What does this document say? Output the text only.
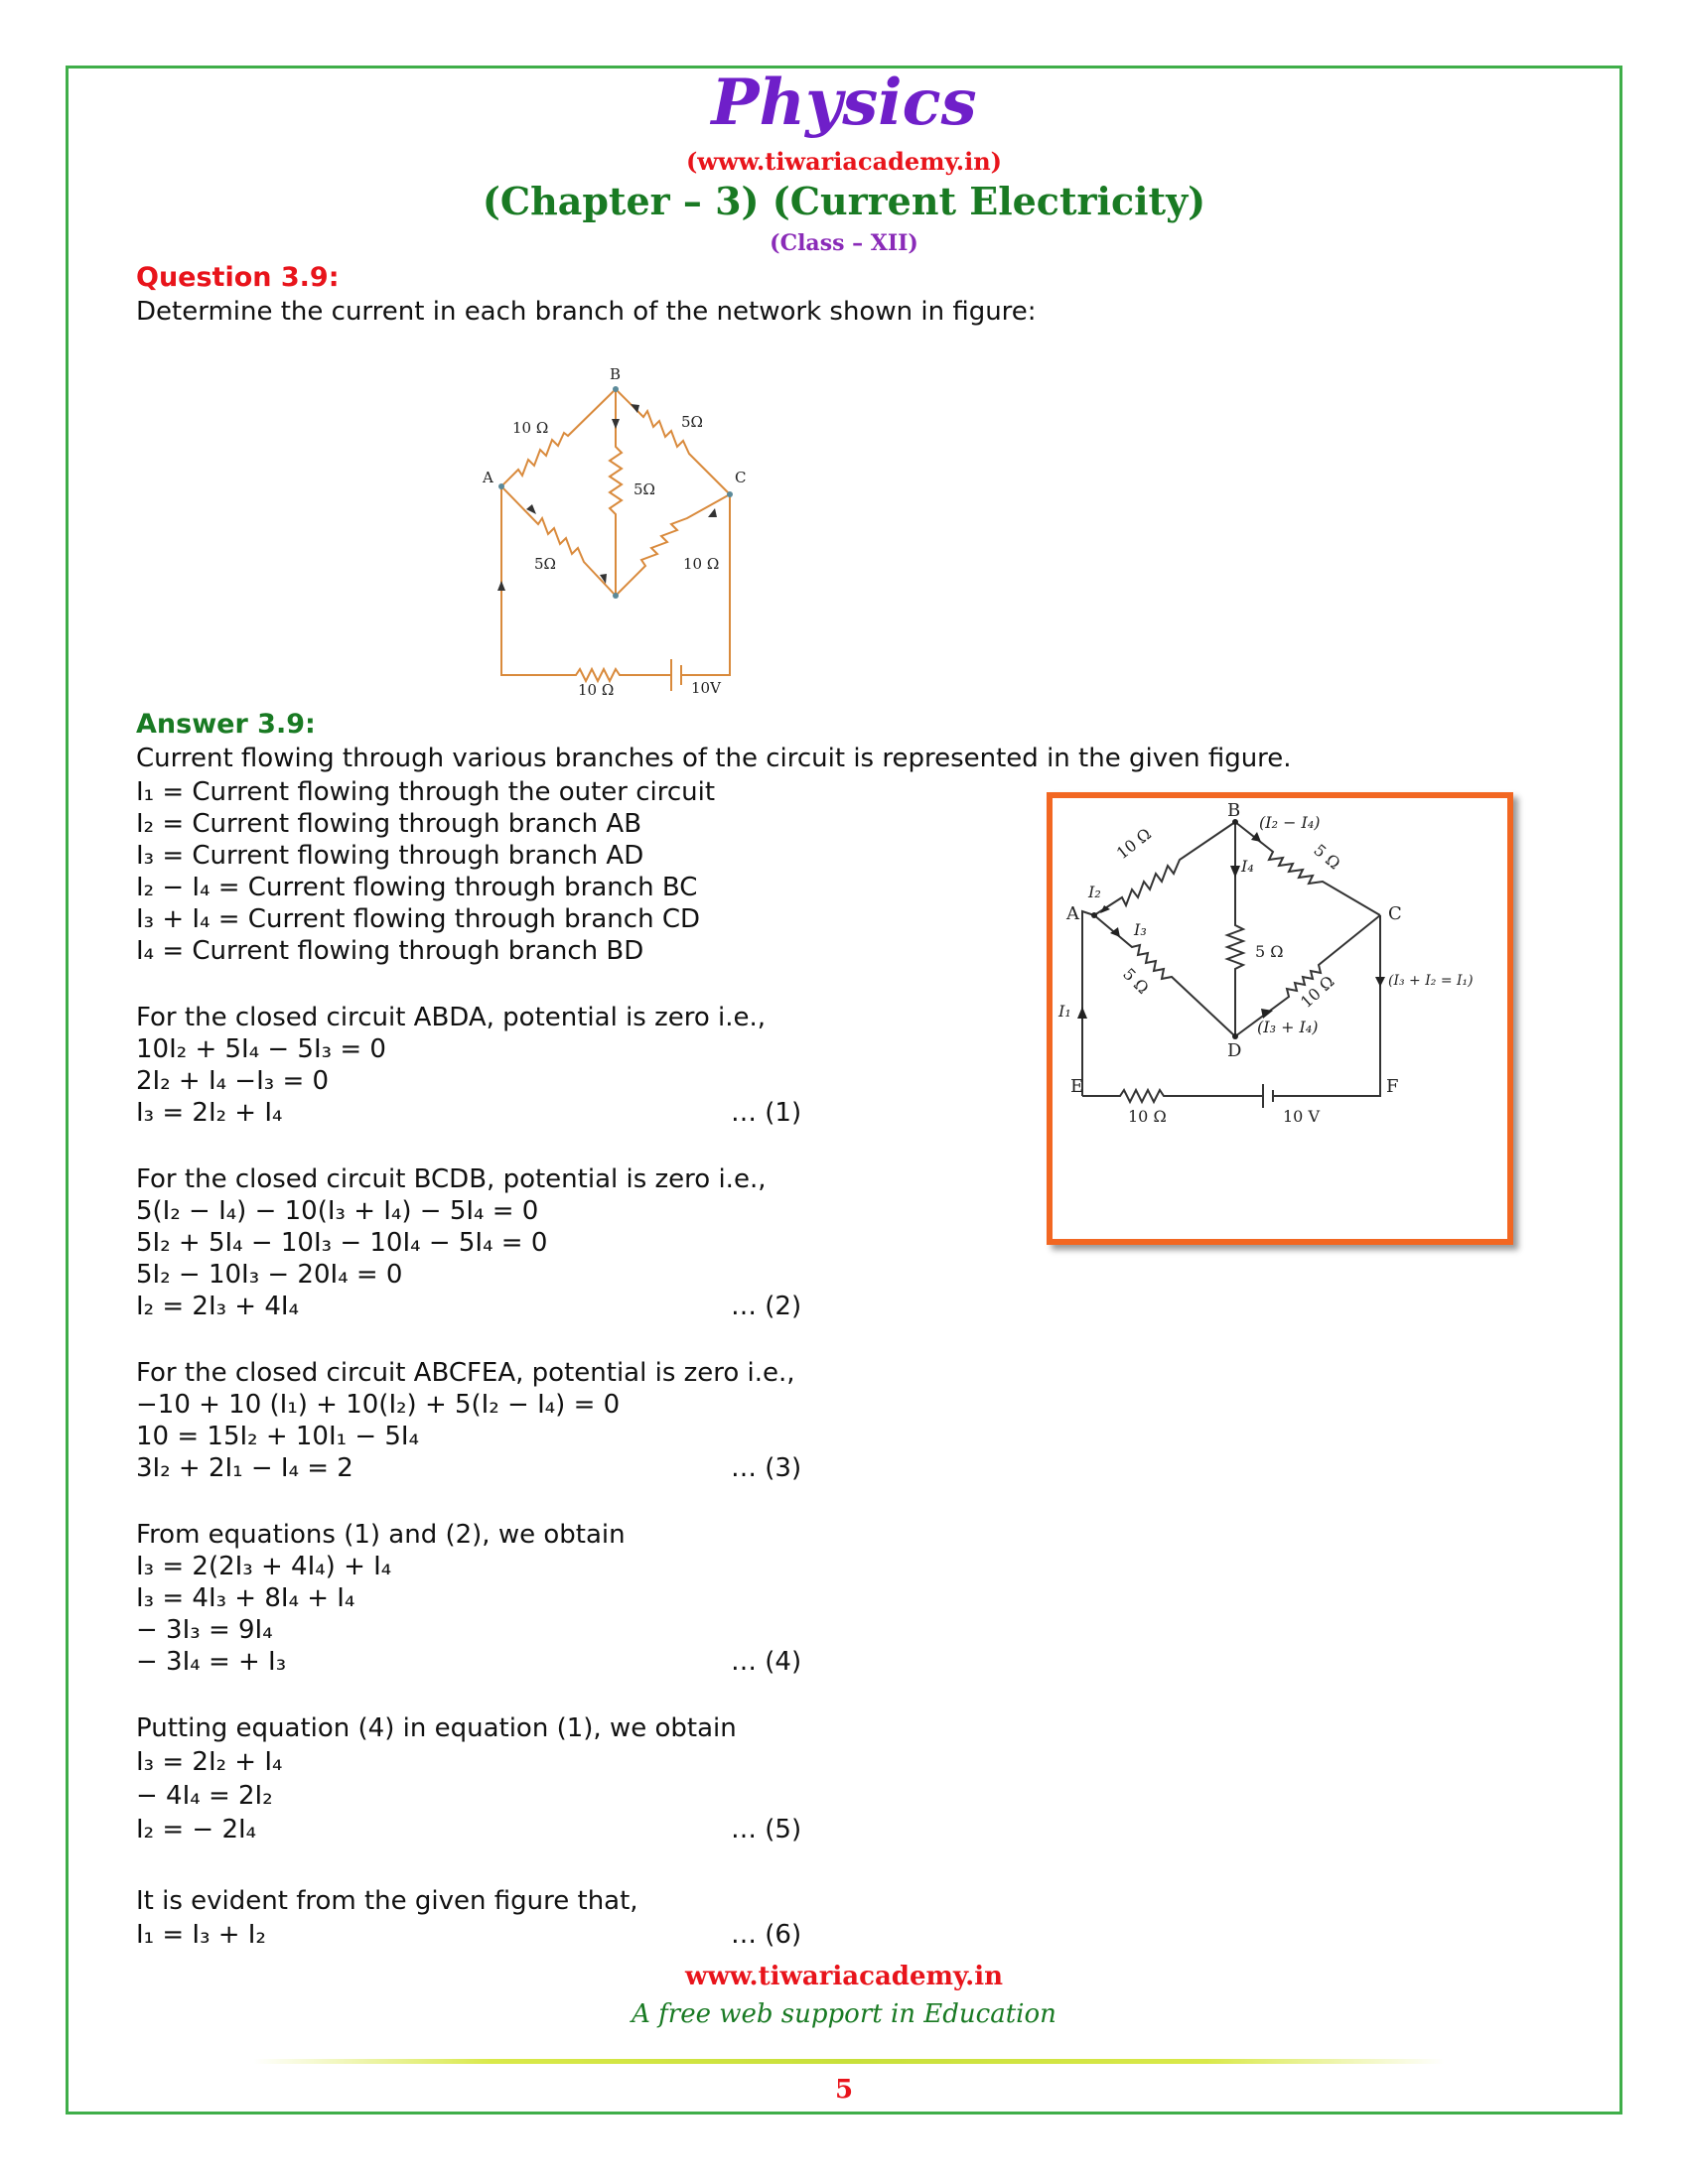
Physics
(www.tiwariacademy.in)
(Chapter – 3) (Current Electricity)
(Class – XII)
Question 3.9:
Determine the current in each branch of the network shown in figure:
B
A	C
10 Ω	5Ω
5Ω
5Ω	10 Ω
10 Ω	10V
Answer 3.9:
Current flowing through various branches of the circuit is represented in the given figure.
I₁ = Current flowing through the outer circuit
I₂ = Current flowing through branch AB
I₃ = Current flowing through branch AD
I₂ − I₄ = Current flowing through branch BC
I₃ + I₄ = Current flowing through branch CD
I₄ = Current flowing through branch BD
For the closed circuit ABDA, potential is zero i.e.,
10I₂ + 5I₄ − 5I₃ = 0
2I₂ + I₄ −I₃ = 0
I₃ = 2I₂ + I₄	… (1)
For the closed circuit BCDB, potential is zero i.e.,
5(I₂ − I₄) − 10(I₃ + I₄) − 5I₄ = 0
5I₂ + 5I₄ − 10I₃ − 10I₄ − 5I₄ = 0
5I₂ − 10I₃ − 20I₄ = 0
I₂ = 2I₃ + 4I₄	… (2)
For the closed circuit ABCFEA, potential is zero i.e.,
−10 + 10 (I₁) + 10(I₂) + 5(I₂ − I₄) = 0
10 = 15I₂ + 10I₁ − 5I₄
3I₂ + 2I₁ − I₄ = 2	… (3)
From equations (1) and (2), we obtain
I₃ = 2(2I₃ + 4I₄) + I₄
I₃ = 4I₃ + 8I₄ + I₄
− 3I₃ = 9I₄
− 3I₄ = + I₃	… (4)
Putting equation (4) in equation (1), we obtain
I₃ = 2I₂ + I₄
− 4I₄ = 2I₂
I₂ = − 2I₄	… (5)
It is evident from the given figure that,
I₁ = I₃ + I₂	… (6)
B
A	C
D
E	F
10 Ω	5 Ω
5 Ω
5 Ω	10 Ω
10 Ω	10 V
I₁
I₂
I₃
I₄
(I₂ − I₄)
(I₃ + I₄)
(I₃ + I₂ = I₁)
www.tiwariacademy.in
A free web support in Education
5
